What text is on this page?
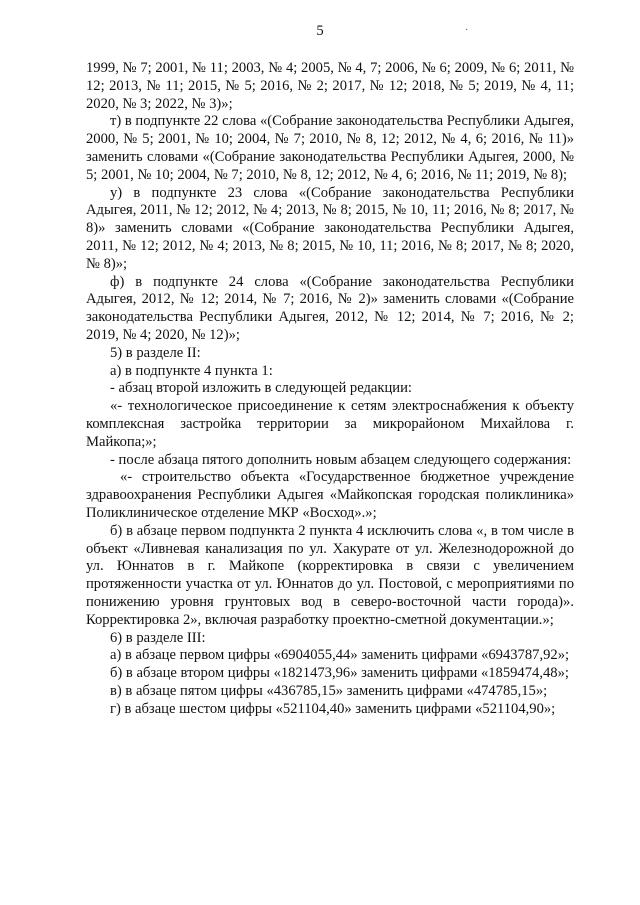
5	·

1999, № 7; 2001, № 11; 2003, № 4; 2005, № 4, 7; 2006, № 6; 2009, № 6; 2011, № 12; 2013, № 11; 2015, № 5; 2016, № 2; 2017, № 12; 2018, № 5; 2019, № 4, 11; 2020, № 3; 2022, № 3)»;

т) в подпункте 22 слова «(Собрание законодательства Республики Адыгея, 2000, № 5; 2001, № 10; 2004, № 7; 2010, № 8, 12; 2012, № 4, 6; 2016, № 11)» заменить словами «(Собрание законодательства Республики Адыгея, 2000, № 5; 2001, № 10; 2004, № 7; 2010, № 8, 12; 2012, № 4, 6; 2016, № 11; 2019, № 8);

у) в подпункте 23 слова «(Собрание законодательства Республики Адыгея, 2011, № 12; 2012, № 4; 2013, № 8; 2015, № 10, 11; 2016, № 8; 2017, № 8)» заменить словами «(Собрание законодательства Республики Адыгея, 2011, № 12; 2012, № 4; 2013, № 8; 2015, № 10, 11; 2016, № 8; 2017, № 8; 2020, № 8)»;

ф) в подпункте 24 слова «(Собрание законодательства Республики Адыгея, 2012, № 12; 2014, № 7; 2016, № 2)» заменить словами «(Собрание законодательства Республики Адыгея, 2012, № 12; 2014, № 7; 2016, № 2; 2019, № 4; 2020, № 12)»;

5) в разделе II:

а) в подпункте 4 пункта 1:

- абзац второй изложить в следующей редакции:

«- технологическое присоединение к сетям электроснабжения к объекту комплексная застройка территории за микрорайоном Михайлова г. Майкопа;»;

- после абзаца пятого дополнить новым абзацем следующего содержания:

«- строительство объекта «Государственное бюджетное учреждение здравоохранения Республики Адыгея «Майкопская городская поликлиника» Поликлиническое отделение МКР «Восход».»;

б) в абзаце первом подпункта 2 пункта 4 исключить слова «, в том числе в объект «Ливневая канализация по ул. Хакурате от ул. Железнодорожной до ул. Юннатов в г. Майкопе (корректировка в связи с увеличением протяженности участка от ул. Юннатов до ул. Постовой, с мероприятиями по понижению уровня грунтовых вод в северо-восточной части города)». Корректировка 2», включая разработку проектно-сметной документации.»;

6) в разделе III:

а) в абзаце первом цифры «6904055,44» заменить цифрами «6943787,92»;

б) в абзаце втором цифры «1821473,96» заменить цифрами «1859474,48»;

в) в абзаце пятом цифры «436785,15» заменить цифрами «474785,15»;

г) в абзаце шестом цифры «521104,40» заменить цифрами «521104,90»;
